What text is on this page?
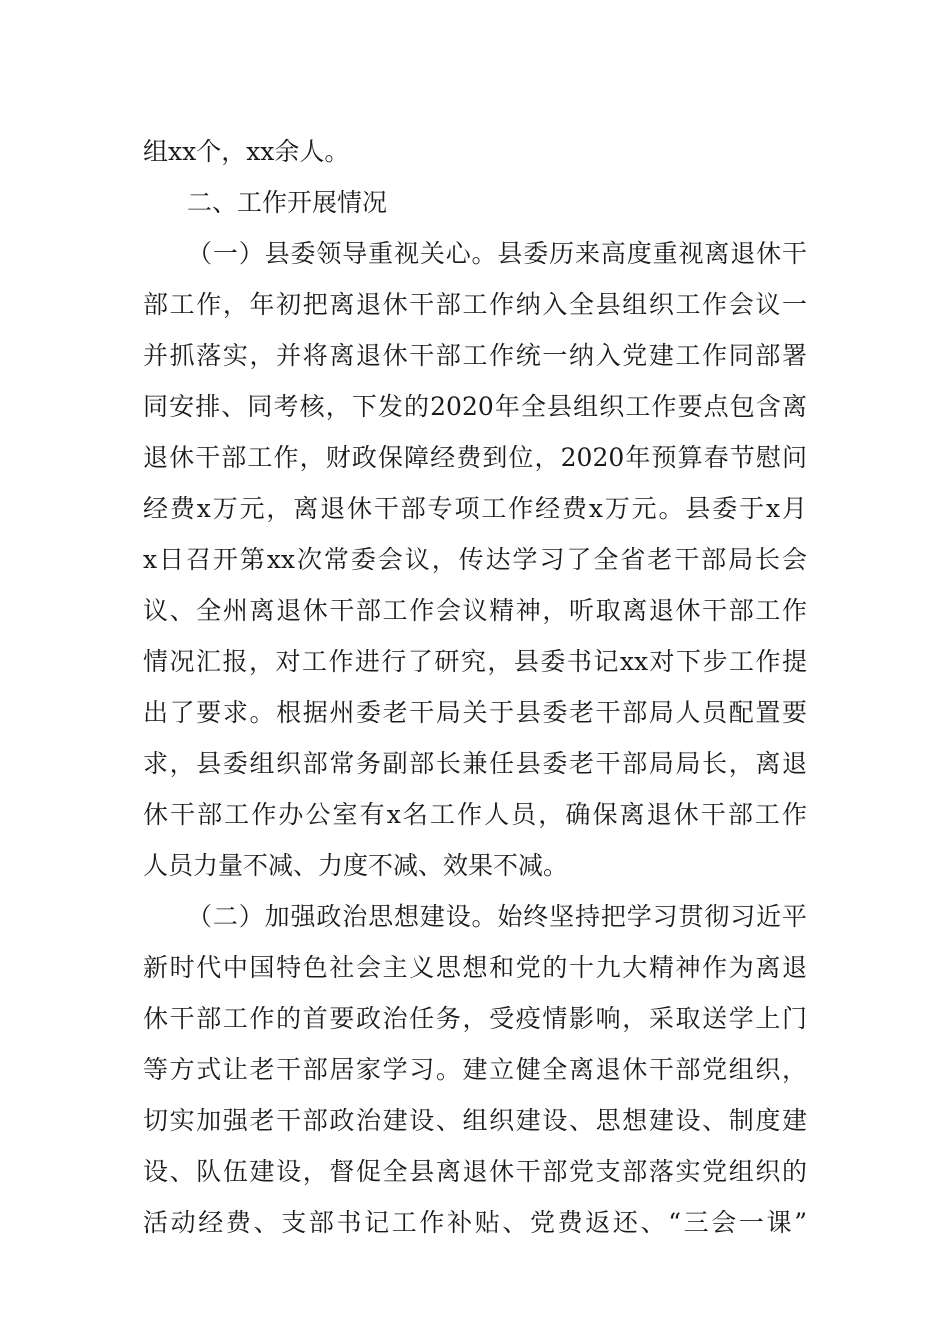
组xx个，xx余人。
二、工作开展情况
（一）县委领导重视关心。县委历来高度重视离退休干
部工作，年初把离退休干部工作纳入全县组织工作会议一
并抓落实，并将离退休干部工作统一纳入党建工作同部署
同安排、同考核，下发的2020年全县组织工作要点包含离
退休干部工作，财政保障经费到位，2020年预算春节慰问
经费x万元，离退休干部专项工作经费x万元。县委于x月
x日召开第xx次常委会议，传达学习了全省老干部局长会
议、全州离退休干部工作会议精神，听取离退休干部工作
情况汇报，对工作进行了研究，县委书记xx对下步工作提
出了要求。根据州委老干局关于县委老干部局人员配置要
求，县委组织部常务副部长兼任县委老干部局局长，离退
休干部工作办公室有x名工作人员，确保离退休干部工作
人员力量不减、力度不减、效果不减。
（二）加强政治思想建设。始终坚持把学习贯彻习近平
新时代中国特色社会主义思想和党的十九大精神作为离退
休干部工作的首要政治任务，受疫情影响，采取送学上门
等方式让老干部居家学习。建立健全离退休干部党组织，
切实加强老干部政治建设、组织建设、思想建设、制度建
设、队伍建设，督促全县离退休干部党支部落实党组织的
活动经费、支部书记工作补贴、党费返还、“三会一课”
